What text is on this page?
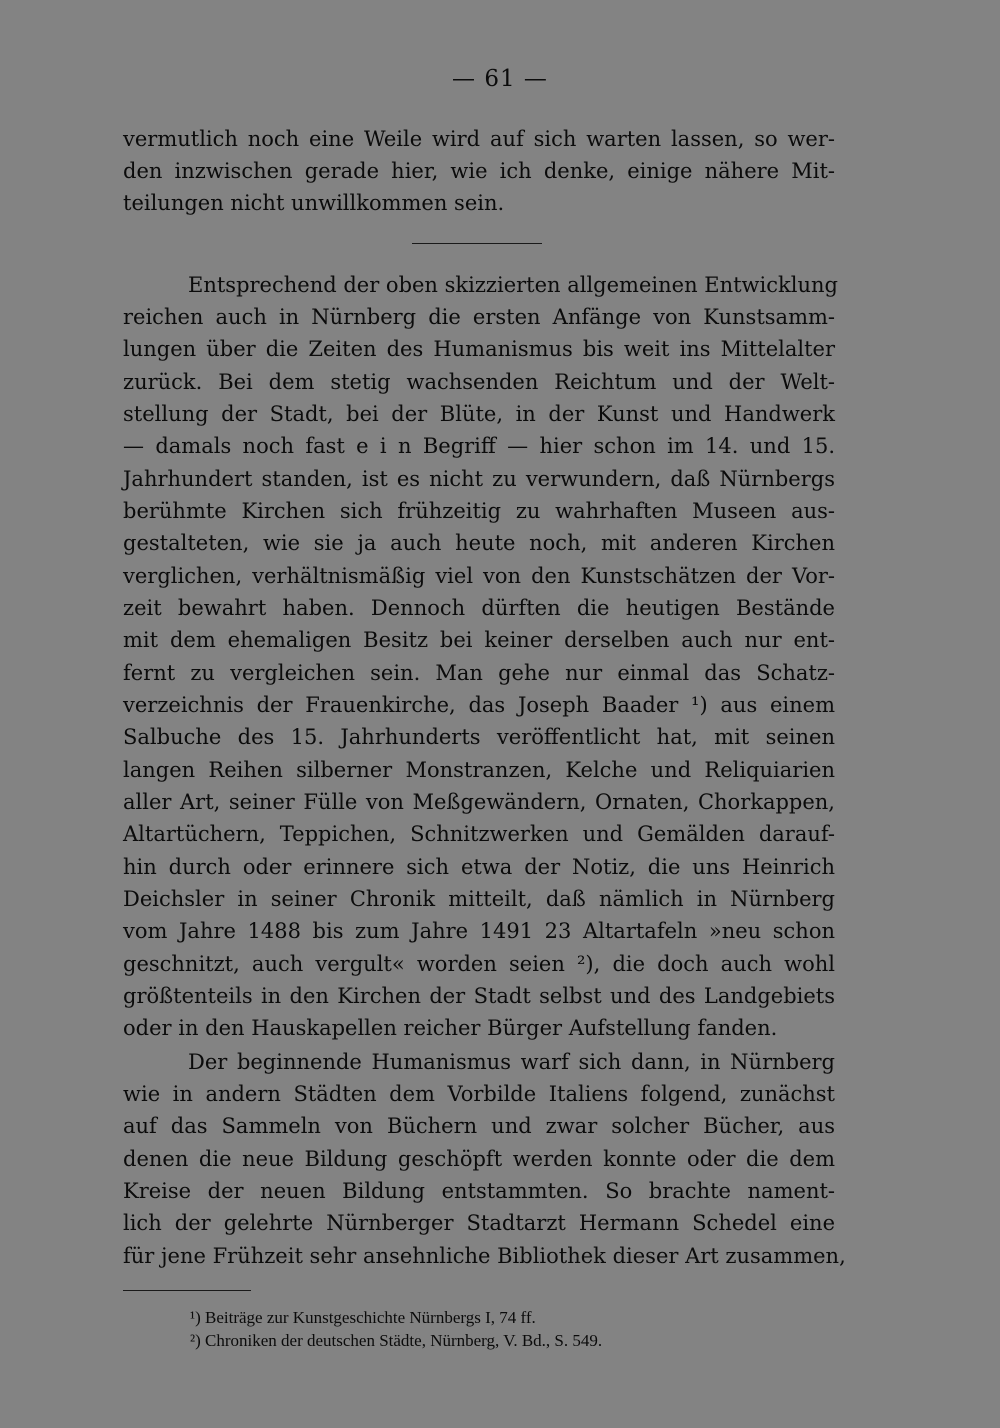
— 61 —
vermutlich noch eine Weile wird auf sich warten lassen, so wer-
den inzwischen gerade hier, wie ich denke, einige nähere Mit-
teilungen nicht unwillkommen sein.
Entsprechend der oben skizzierten allgemeinen Entwicklung
reichen auch in Nürnberg die ersten Anfänge von Kunstsamm-
lungen über die Zeiten des Humanismus bis weit ins Mittelalter
zurück. Bei dem stetig wachsenden Reichtum und der Welt-
stellung der Stadt, bei der Blüte, in der Kunst und Handwerk
— damals noch fast e i n Begriff — hier schon im 14. und 15.
Jahrhundert standen, ist es nicht zu verwundern, daß Nürnbergs
berühmte Kirchen sich frühzeitig zu wahrhaften Museen aus-
gestalteten, wie sie ja auch heute noch, mit anderen Kirchen
verglichen, verhältnismäßig viel von den Kunstschätzen der Vor-
zeit bewahrt haben. Dennoch dürften die heutigen Bestände
mit dem ehemaligen Besitz bei keiner derselben auch nur ent-
fernt zu vergleichen sein. Man gehe nur einmal das Schatz-
verzeichnis der Frauenkirche, das Joseph Baader ¹) aus einem
Salbuche des 15. Jahrhunderts veröffentlicht hat, mit seinen
langen Reihen silberner Monstranzen, Kelche und Reliquiarien
aller Art, seiner Fülle von Meßgewändern, Ornaten, Chorkappen,
Altartüchern, Teppichen, Schnitzwerken und Gemälden darauf-
hin durch oder erinnere sich etwa der Notiz, die uns Heinrich
Deichsler in seiner Chronik mitteilt, daß nämlich in Nürnberg
vom Jahre 1488 bis zum Jahre 1491 23 Altartafeln »neu schon
geschnitzt, auch vergult« worden seien ²), die doch auch wohl
größtenteils in den Kirchen der Stadt selbst und des Landgebiets
oder in den Hauskapellen reicher Bürger Aufstellung fanden.
Der beginnende Humanismus warf sich dann, in Nürnberg
wie in andern Städten dem Vorbilde Italiens folgend, zunächst
auf das Sammeln von Büchern und zwar solcher Bücher, aus
denen die neue Bildung geschöpft werden konnte oder die dem
Kreise der neuen Bildung entstammten. So brachte nament-
lich der gelehrte Nürnberger Stadtarzt Hermann Schedel eine
für jene Frühzeit sehr ansehnliche Bibliothek dieser Art zusammen,
¹) Beiträge zur Kunstgeschichte Nürnbergs I, 74 ff.
²) Chroniken der deutschen Städte, Nürnberg, V. Bd., S. 549.
